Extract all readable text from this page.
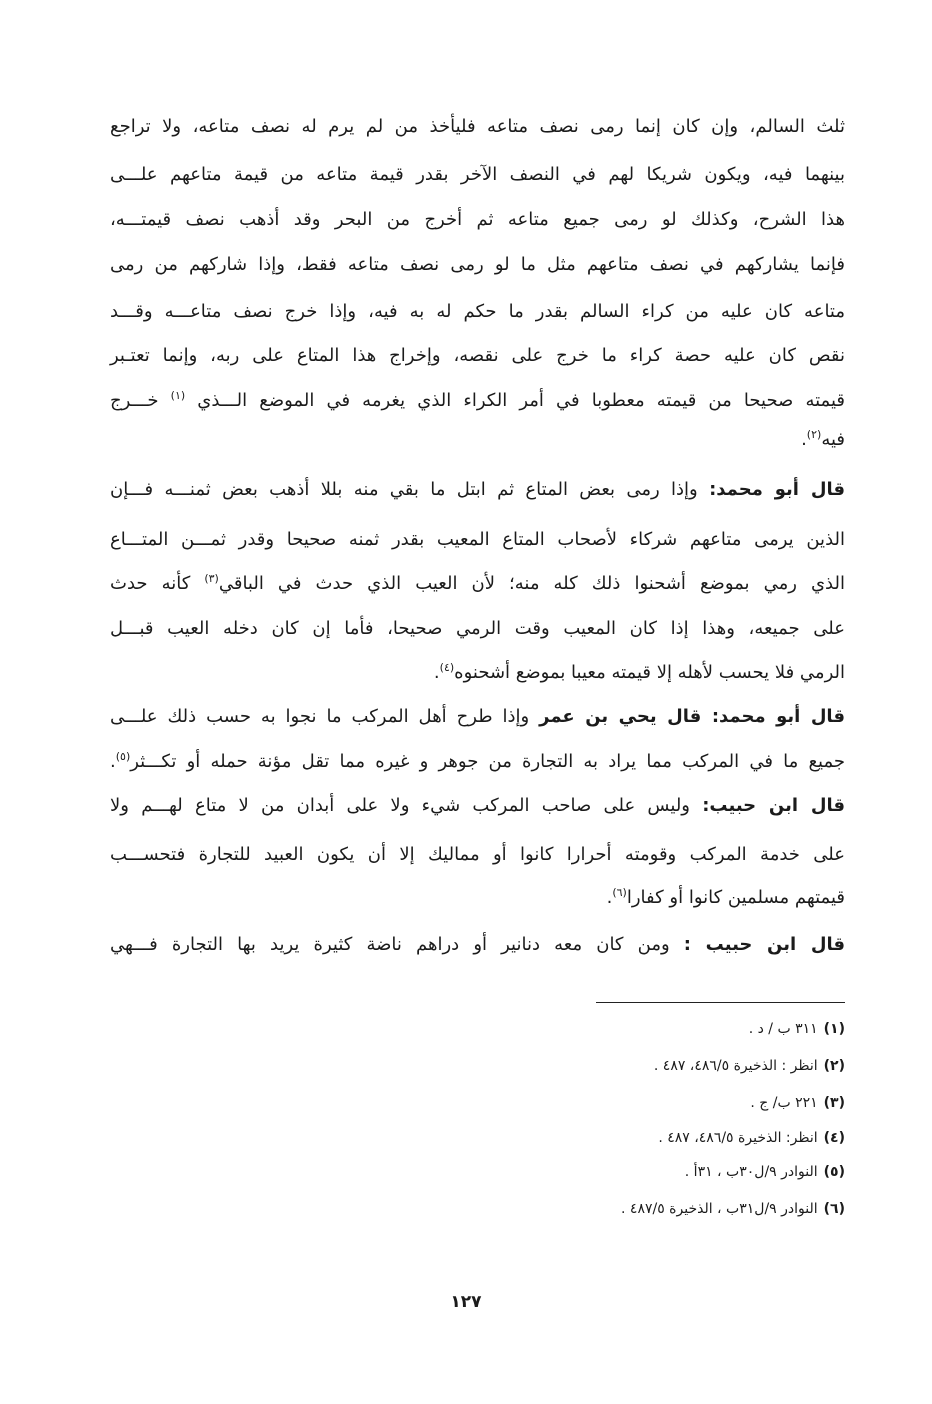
ثلث السالم، وإن كان إنما رمى نصف متاعه فليأخذ من لم يرم له نصف متاعه، ولا تراجع
بينهما فيه، ويكون شريكا لهم في النصف الآخر بقدر قيمة متاعه من قيمة متاعهم علـــى
هذا الشرح، وكذلك لو رمى جميع متاعه ثم أخرج من البحر وقد أذهب نصف قيمتـــه،
فإنما يشاركهم في نصف متاعهم مثل ما لو رمى نصف متاعه فقط، وإذا شاركهم من رمى
متاعه كان عليه من كراء السالم بقدر ما حكم له به فيه، وإذا خرج نصف متاعـــه وقـــد
نقص كان عليه حصة كراء ما خرج على نقصه، وإخراج هذا المتاع على ربه، وإنما تعتـبر
قيمته صحيحا من قيمته معطوبا في أمر الكراء الذي يغرمه في الموضع الـــذي $^{(١)}$ خـــرج
فيه$^{(٢)}$.
قال أبو محمد: وإذا رمى بعض المتاع ثم ابتل ما بقي منه بللا أذهب بعض ثمنـــه فـــإن
الذين يرمى متاعهم شركاء لأصحاب المتاع المعيب بقدر ثمنه صحيحا وقدر ثمـــن المتـــاع
الذي رمي بموضع أشحنوا ذلك كله منه؛ لأن العيب الذي حدث في الباقي$^{(٣)}$ كأنه حدث
على جميعه، وهذا إذا كان المعيب وقت الرمي صحيحا، فأما إن كان دخله العيب قبـــل
الرمي فلا يحسب لأهله إلا قيمته معيبا بموضع أشحنوه$^{(٤)}$.
قال أبو محمد: قال يحي بن عمر وإذا طرح أهل المركب ما نجوا به حسب ذلك علـــى
جميع ما في المركب مما يراد به التجارة من جوهر و غيره مما تقل مؤنة حمله أو تكـــثر$^{(٥)}$.
قال ابن حبيب: وليس على صاحب المركب شيء ولا على أبدان من لا متاع لهـــم ولا
على خدمة المركب وقومته أحرارا كانوا أو مماليك إلا أن يكون العبيد للتجارة فتحســـب
قيمتهم مسلمين كانوا أو كفارا$^{(٦)}$.
قال ابن حبيب : ومن كان معه دنانير أو دراهم ناضة كثيرة يريد بها التجارة فـــهي
(١)٣١١ ب / د .
(٢)انظر : الذخيرة ٤٨٦/٥، ٤٨٧ .
(٣)٢٢١ ب/ ج .
(٤)انظر: الذخيرة ٤٨٦/٥، ٤٨٧ .
(٥)النوادر ٩/ل٣٠ب ، ٣١أ .
(٦)النوادر ٩/ل٣١ب ، الذخيرة ٤٨٧/٥ .
١٢٧
